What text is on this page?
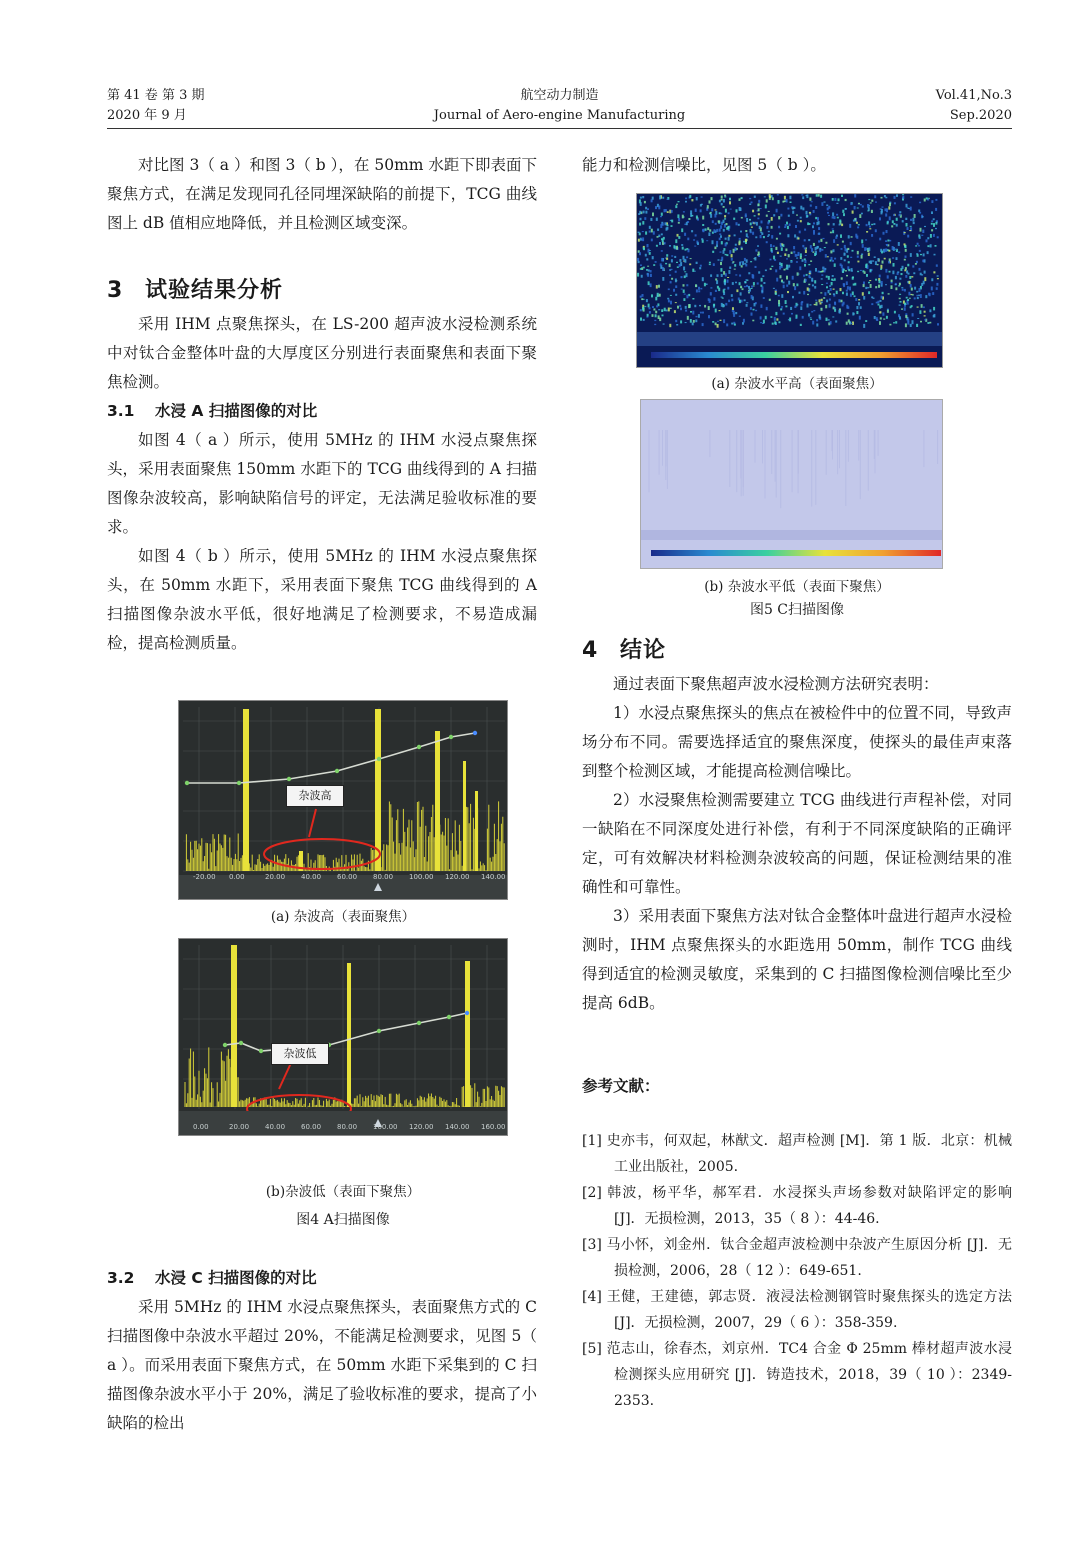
第 41 卷 第 3 期
2020 年 9 月
航空动力制造
Journal of Aero-engine Manufacturing
Vol.41,No.3
Sep.2020

对比图 3（ a ）和图 3（ b ），在 50mm 水距下即表面下聚焦方式，在满足发现同孔径同埋深缺陷的前提下，TCG 曲线图上 dB 值相应地降低，并且检测区域变深。

3 试验结果分析

采用 IHM 点聚焦探头，在 LS-200 超声波水浸检测系统中对钛合金整体叶盘的大厚度区分别进行表面聚焦和表面下聚焦检测。

3.1 水浸 A 扫描图像的对比

如图 4（ a ）所示，使用 5MHz 的 IHM 水浸点聚焦探头，采用表面聚焦 150mm 水距下的 TCG 曲线得到的 A 扫描图像杂波较高，影响缺陷信号的评定，无法满足验收标准的要求。

如图 4（ b ）所示，使用 5MHz 的 IHM 水浸点聚焦探头，在 50mm 水距下，采用表面下聚焦 TCG 曲线得到的 A 扫描图像杂波水平低，很好地满足了检测要求，不易造成漏检，提高检测质量。

杂波高
-20.00 0.00	20.00 40.00 60.00 80.00 100.00 120.00 140.00
(a) 杂波高（表面聚焦）
杂波低
0.00	20.00 40.00 60.00 80.00 100.00 120.00 140.00 160.00
(b)杂波低（表面下聚焦）
图4 A扫描图像
3.2 水浸 C 扫描图像的对比

采用 5MHz 的 IHM 水浸点聚焦探头，表面聚焦方式的 C 扫描图像中杂波水平超过 20%，不能满足检测要求，见图 5（ a ）。而采用表面下聚焦方式，在 50mm 水距下采集到的 C 扫描图像杂波水平小于 20%，满足了验收标准的要求，提高了小缺陷的检出

能力和检测信噪比，见图 5（ b ）。

(a) 杂波水平高（表面聚焦）
(b) 杂波水平低（表面下聚焦）
图5 C扫描图像
4 结论

通过表面下聚焦超声波水浸检测方法研究表明：

1）水浸点聚焦探头的焦点在被检件中的位置不同，导致声场分布不同。需要选择适宜的聚焦深度，使探头的最佳声束落到整个检测区域，才能提高检测信噪比。

2）水浸聚焦检测需要建立 TCG 曲线进行声程补偿，对同一缺陷在不同深度处进行补偿，有利于不同深度缺陷的正确评定，可有效解决材料检测杂波较高的问题，保证检测结果的准确性和可靠性。

3）采用表面下聚焦方法对钛合金整体叶盘进行超声水浸检测时，IHM 点聚焦探头的水距选用 50mm，制作 TCG 曲线得到适宜的检测灵敏度，采集到的 C 扫描图像检测信噪比至少提高 6dB。

参考文献：
[1] 史亦韦，何双起，林猷文．超声检测 [M]．第 1 版．北京：机械工业出版社，2005.
[2] 韩波，杨平华，郝军君．水浸探头声场参数对缺陷评定的影响 [J]．无损检测，2013，35（ 8 ）：44-46.
[3] 马小怀，刘金州．钛合金超声波检测中杂波产生原因分析 [J]．无损检测，2006，28（ 12 ）：649-651.
[4] 王健，王建德，郭志贤．液浸法检测钢管时聚焦探头的选定方法 [J]．无损检测，2007，29（ 6 ）：358-359.
[5] 范志山，徐春杰，刘京州．TC4 合金 Φ 25mm 棒材超声波水浸检测探头应用研究 [J]．铸造技术，2018，39（ 10 ）：2349-2353.
